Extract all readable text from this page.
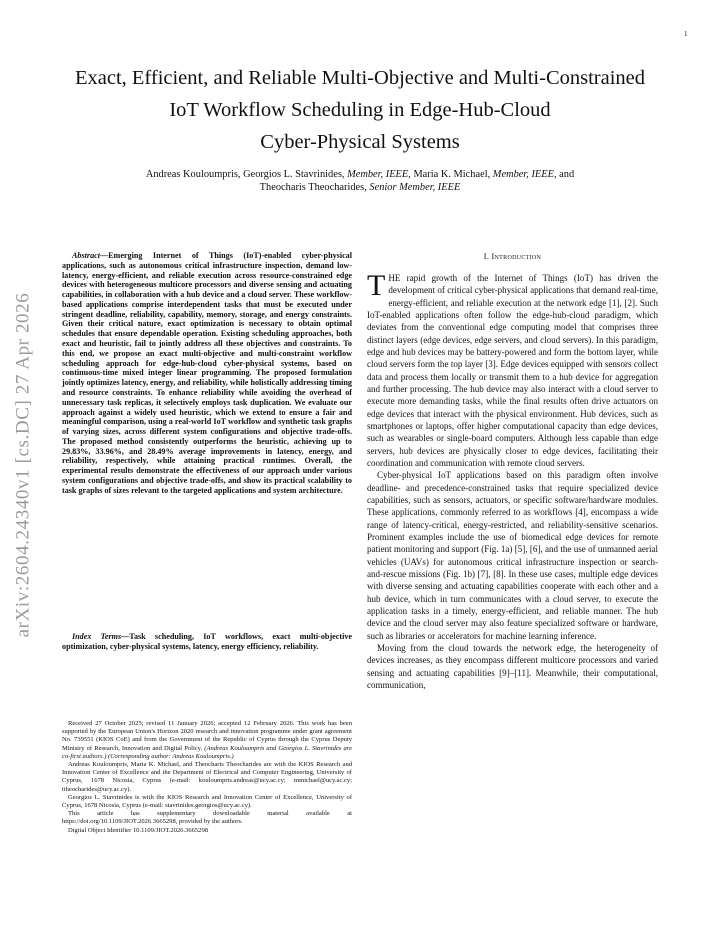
1
arXiv:2604.24340v1 [cs.DC] 27 Apr 2026
Exact, Efficient, and Reliable Multi-Objective and Multi-Constrained
IoT Workflow Scheduling in Edge-Hub-Cloud
Cyber-Physical Systems
Andreas Kouloumpris, Georgios L. Stavrinides, Member, IEEE, Maria K. Michael, Member, IEEE, and
Theocharis Theocharides, Senior Member, IEEE
Abstract—Emerging Internet of Things (IoT)-enabled cyber-physical applications, such as autonomous critical infrastructure inspection, demand low-latency, energy-efficient, and reliable execution across resource-constrained edge devices with heterogeneous multicore processors and diverse sensing and actuating capabilities, in collaboration with a hub device and a cloud server. These workflow-based applications comprise interdependent tasks that must be executed under stringent deadline, reliability, capability, memory, storage, and energy constraints. Given their critical nature, exact optimization is necessary to obtain optimal schedules that ensure dependable operation. Existing scheduling approaches, both exact and heuristic, fail to jointly address all these objectives and constraints. To this end, we propose an exact multi-objective and multi-constraint workflow scheduling approach for edge-hub-cloud cyber-physical systems, based on continuous-time mixed integer linear programming. The proposed formulation jointly optimizes latency, energy, and reliability, while holistically addressing timing and resource constraints. To enhance reliability while avoiding the overhead of unnecessary task replicas, it selectively employs task duplication. We evaluate our approach against a widely used heuristic, which we extend to ensure a fair and meaningful comparison, using a real-world IoT workflow and synthetic task graphs of varying sizes, across different system configurations and objective trade-offs. The proposed method consistently outperforms the heuristic, achieving up to 29.83%, 33.96%, and 28.49% average improvements in latency, energy, and reliability, respectively, while attaining practical runtimes. Overall, the experimental results demonstrate the effectiveness of our approach under various system configurations and objective trade-offs, and show its practical scalability to task graphs of sizes relevant to the targeted applications and system architecture.
Index Terms—Task scheduling, IoT workflows, exact multi-objective optimization, cyber-physical systems, latency, energy efficiency, reliability.

Received 27 October 2025; revised 11 January 2026; accepted 12 February 2026. This work has been supported by the European Union's Horizon 2020 research and innovation programme under grant agreement No. 739551 (KIOS CoE) and from the Government of the Republic of Cyprus through the Cyprus Deputy Ministry of Research, Innovation and Digital Policy. (Andreas Kouloumpris and Georgios L. Stavrinides are co-first authors.) (Corresponding author: Andreas Kouloumpris.)

Andreas Kouloumpris, Maria K. Michael, and Theocharis Theocharides are with the KIOS Research and Innovation Center of Excellence and the Department of Electrical and Computer Engineering, University of Cyprus, 1678 Nicosia, Cyprus (e-mail: kouloumpris.andreas@ucy.ac.cy; mmichael@ucy.ac.cy; ttheocharides@ucy.ac.cy).

Georgios L. Stavrinides is with the KIOS Research and Innovation Center of Excellence, University of Cyprus, 1678 Nicosia, Cyprus (e-mail: stavrinides.georgios@ucy.ac.cy).

This article has supplementary downloadable material available at https://doi.org/10.1109/JIOT.2026.3665298, provided by the authors.

Digital Object Identifier 10.1109/JIOT.2026.3665298

I. Introduction

THE rapid growth of the Internet of Things (IoT) has driven the development of critical cyber-physical applications that demand real-time, energy-efficient, and reliable execution at the network edge [1], [2]. Such IoT-enabled applications often follow the edge-hub-cloud paradigm, which deviates from the conventional edge computing model that comprises three distinct layers (edge devices, edge servers, and cloud servers). In this paradigm, edge and hub devices may be battery-powered and form the bottom layer, while cloud servers form the top layer [3]. Edge devices equipped with sensors collect data and process them locally or transmit them to a hub device for aggregation and further processing. The hub device may also interact with a cloud server to execute more demanding tasks, while the final results often drive actuators on edge devices that interact with the physical environment. Hub devices, such as smartphones or laptops, offer higher computational capacity than edge devices, such as wearables or single-board computers. Although less capable than edge servers, hub devices are physically closer to edge devices, facilitating their coordination and communication with remote cloud servers.

Cyber-physical IoT applications based on this paradigm often involve deadline- and precedence-constrained tasks that require specialized device capabilities, such as sensors, actuators, or specific software/hardware modules. These applications, commonly referred to as workflows [4], encompass a wide range of latency-critical, energy-restricted, and reliability-sensitive scenarios. Prominent examples include the use of biomedical edge devices for remote patient monitoring and support (Fig. 1a) [5], [6], and the use of unmanned aerial vehicles (UAVs) for autonomous critical infrastructure inspection or search-and-rescue missions (Fig. 1b) [7], [8]. In these use cases, multiple edge devices with diverse sensing and actuating capabilities cooperate with each other and a hub device, which in turn communicates with a cloud server, to execute the application tasks in a timely, energy-efficient, and reliable manner. The hub device and the cloud server may also feature specialized software or hardware, such as libraries or accelerators for machine learning inference.

Moving from the cloud towards the network edge, the heterogeneity of devices increases, as they encompass different multicore processors and varied sensing and actuating capabilities [9]–[11]. Meanwhile, their computational, communication,
